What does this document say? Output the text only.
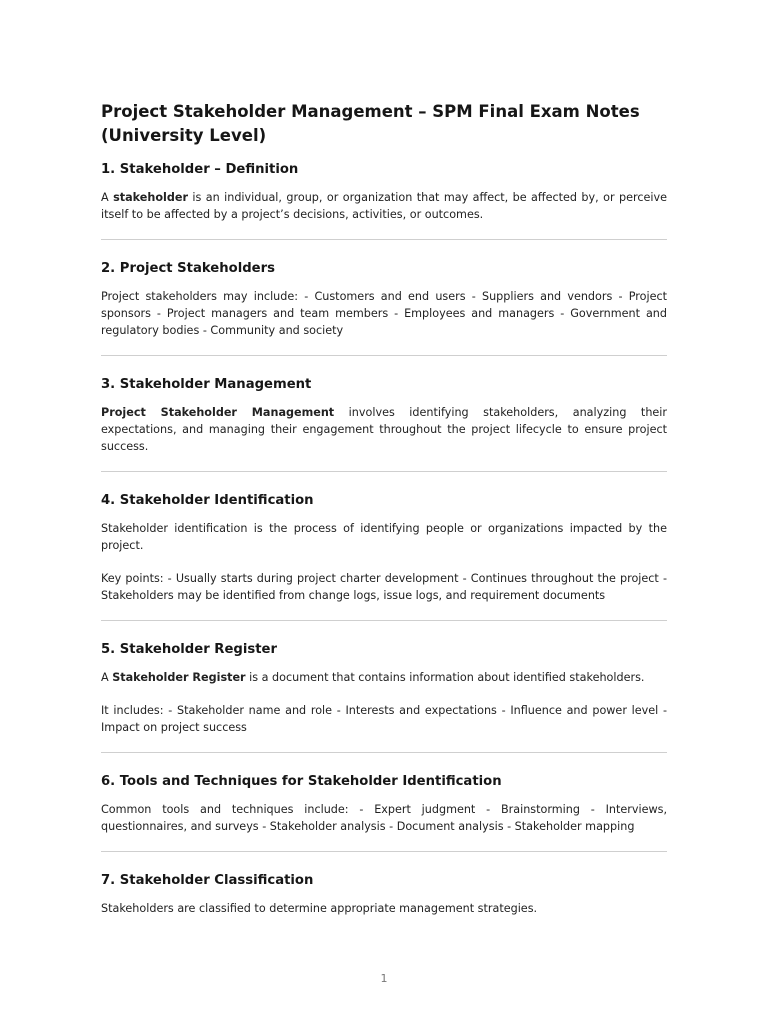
Project Stakeholder Management – SPM Final Exam Notes
(University Level)
1. Stakeholder – Definition

A stakeholder is an individual, group, or organization that may affect, be affected by, or perceive itself to be affected by a project’s decisions, activities, or outcomes.

2. Project Stakeholders

Project stakeholders may include: - Customers and end users - Suppliers and vendors - Project sponsors - Project managers and team members - Employees and managers - Government and regulatory bodies - Community and society

3. Stakeholder Management

Project Stakeholder Management involves identifying stakeholders, analyzing their expectations, and managing their engagement throughout the project lifecycle to ensure project success.

4. Stakeholder Identification

Stakeholder identification is the process of identifying people or organizations impacted by the project.

Key points: - Usually starts during project charter development - Continues throughout the project - Stakeholders may be identified from change logs, issue logs, and requirement documents

5. Stakeholder Register

A Stakeholder Register is a document that contains information about identified stakeholders.

It includes: - Stakeholder name and role - Interests and expectations - Influence and power level - Impact on project success

6. Tools and Techniques for Stakeholder Identification

Common tools and techniques include: - Expert judgment - Brainstorming - Interviews, questionnaires, and surveys - Stakeholder analysis - Document analysis - Stakeholder mapping

7. Stakeholder Classification

Stakeholders are classified to determine appropriate management strategies.

1
